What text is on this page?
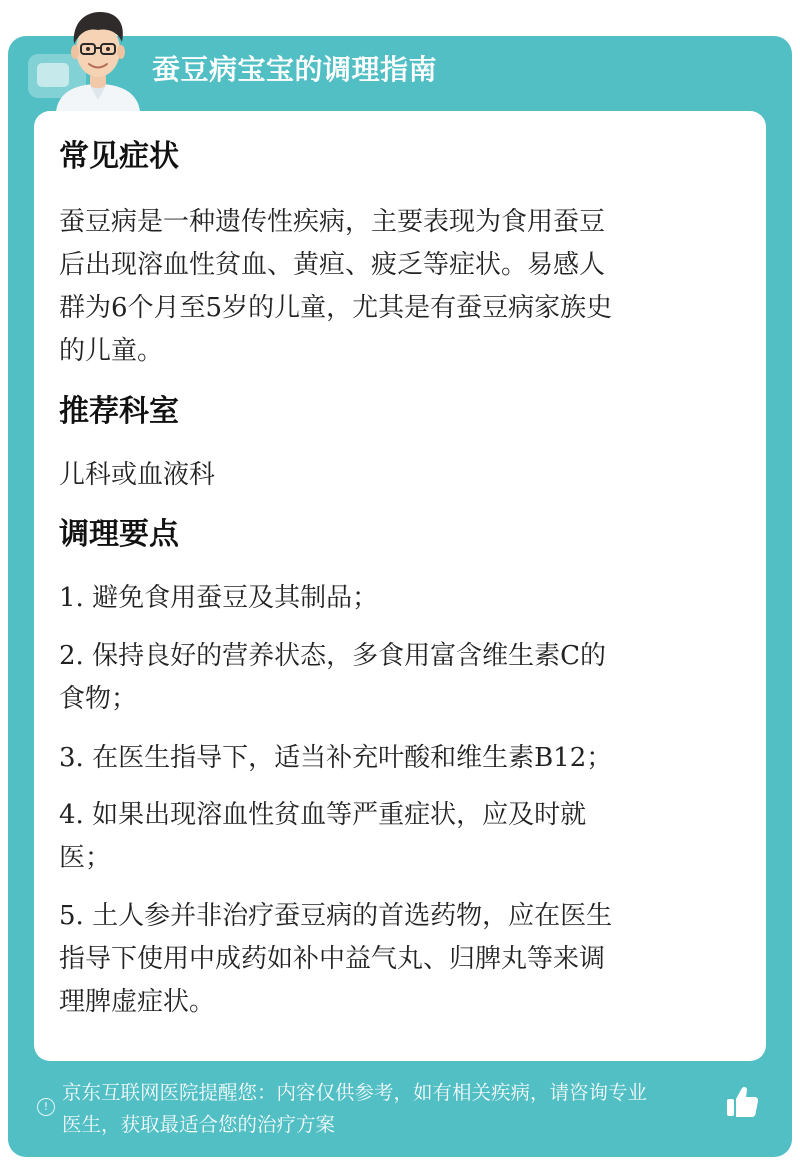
蚕豆病宝宝的调理指南
常见症状
蚕豆病是一种遗传性疾病，主要表现为食用蚕豆
后出现溶血性贫血、黄疸、疲乏等症状。易感人
群为6个月至5岁的儿童，尤其是有蚕豆病家族史
的儿童。
推荐科室
儿科或血液科
调理要点
1. 避免食用蚕豆及其制品；
2. 保持良好的营养状态，多食用富含维生素C的
食物；
3. 在医生指导下，适当补充叶酸和维生素B12；
4. 如果出现溶血性贫血等严重症状，应及时就
医；
5. 土人参并非治疗蚕豆病的首选药物，应在医生
指导下使用中成药如补中益气丸、归脾丸等来调
理脾虚症状。
!
京东互联网医院提醒您：内容仅供参考，如有相关疾病，请咨询专业
医生，获取最适合您的治疗方案
